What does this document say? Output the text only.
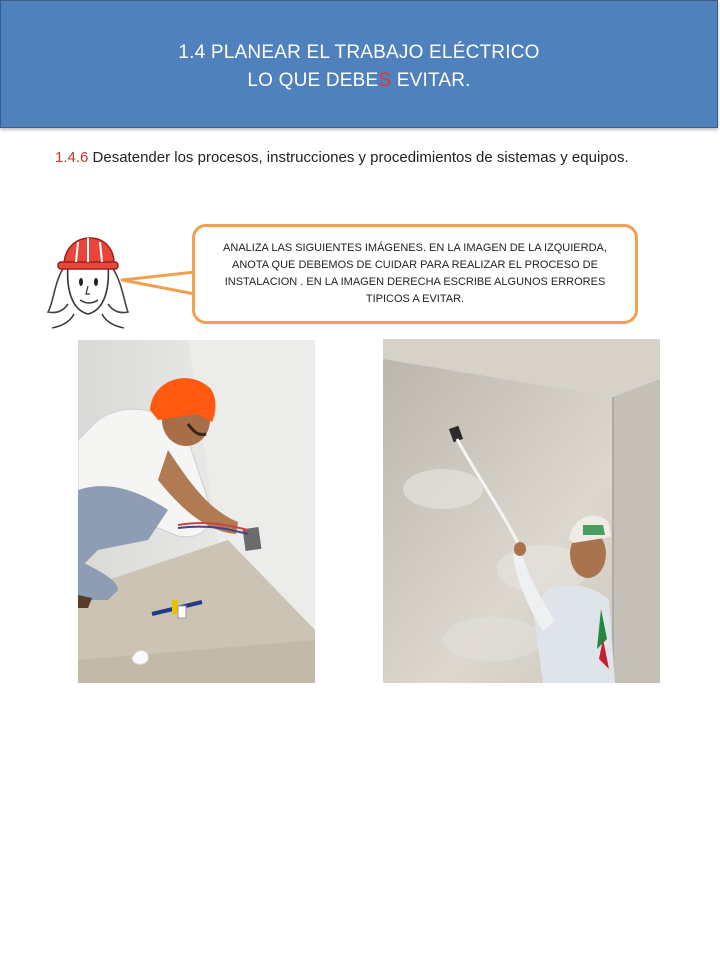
1.4 PLANEAR EL TRABAJO ELÉCTRICO
LO QUE DEBES EVITAR.
1.4.6 Desatender los procesos, instrucciones y procedimientos de sistemas y equipos.
ANALIZA LAS SIGUIENTES IMÁGENES. EN LA IMAGEN DE LA IZQUIERDA, ANOTA QUE DEBEMOS DE CUIDAR PARA REALIZAR EL PROCESO DE INSTALACION . EN LA IMAGEN DERECHA ESCRIBE ALGUNOS ERRORES TIPICOS A EVITAR.
